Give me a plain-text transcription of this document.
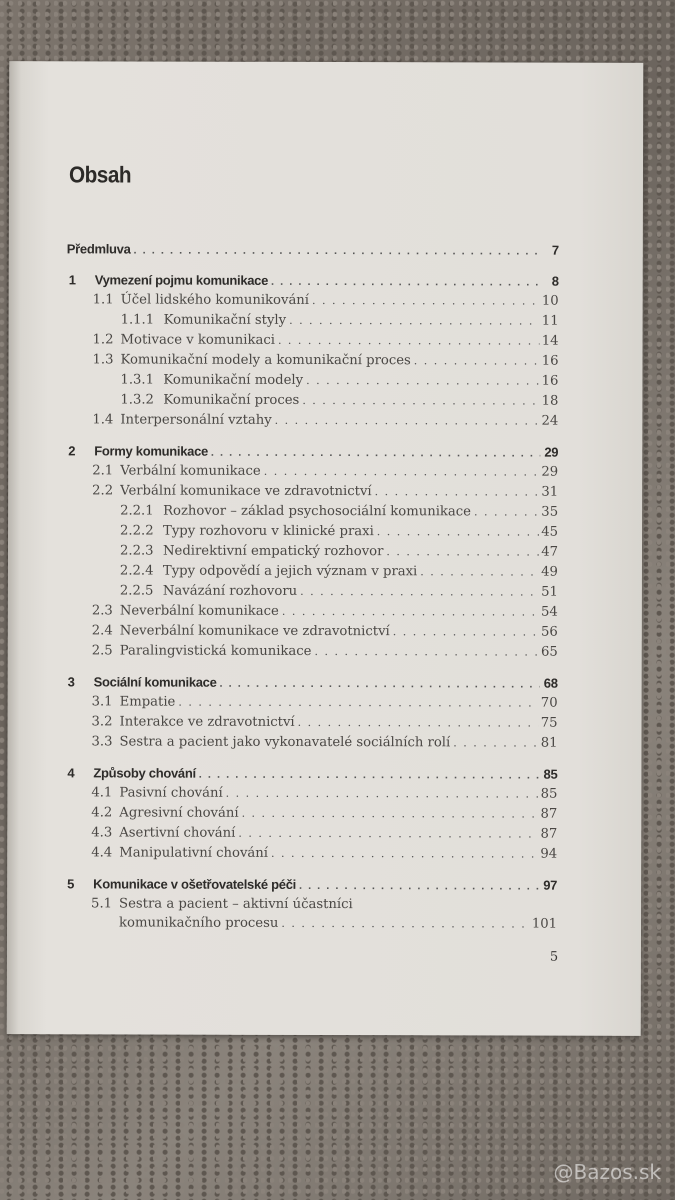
Obsah
Předmluva . . .	7
1	Vymezení pojmu komunikace . . .	8
1.1 Účel lidského komunikování . . .	10
1.1.1 Komunikační styly . . .	11
1.2 Motivace v komunikaci . . .	14
1.3 Komunikační modely a komunikační proces . . .	16
1.3.1 Komunikační modely . . .	16
1.3.2 Komunikační proces . . .	18
1.4 Interpersonální vztahy . . .	24
2	Formy komunikace . . .	29
2.1 Verbální komunikace . . .	29
2.2 Verbální komunikace ve zdravotnictví . . .	31
2.2.1 Rozhovor – základ psychosociální komunikace . . .	35
2.2.2 Typy rozhovoru v klinické praxi . . .	45
2.2.3 Nedirektivní empatický rozhovor . . .	47
2.2.4 Typy odpovědí a jejich význam v praxi . . .	49
2.2.5 Navázání rozhovoru . . .	51
2.3 Neverbální komunikace . . .	54
2.4 Neverbální komunikace ve zdravotnictví . . .	56
2.5 Paralingvistická komunikace . . .	65
3	Sociální komunikace . . .	68
3.1 Empatie . . .	70
3.2 Interakce ve zdravotnictví . . .	75
3.3 Sestra a pacient jako vykonavatelé sociálních rolí . . .	81
4	Způsoby chování . . .	85
4.1 Pasivní chování . . .	85
4.2 Agresivní chování . . .	87
4.3 Asertivní chování . . .	87
4.4 Manipulativní chování . . .	94
5	Komunikace v ošetřovatelské péči . . .	97
5.1 Sestra a pacient – aktivní účastníci
komunikačního procesu . . .	101
5
@Bazos.sk
